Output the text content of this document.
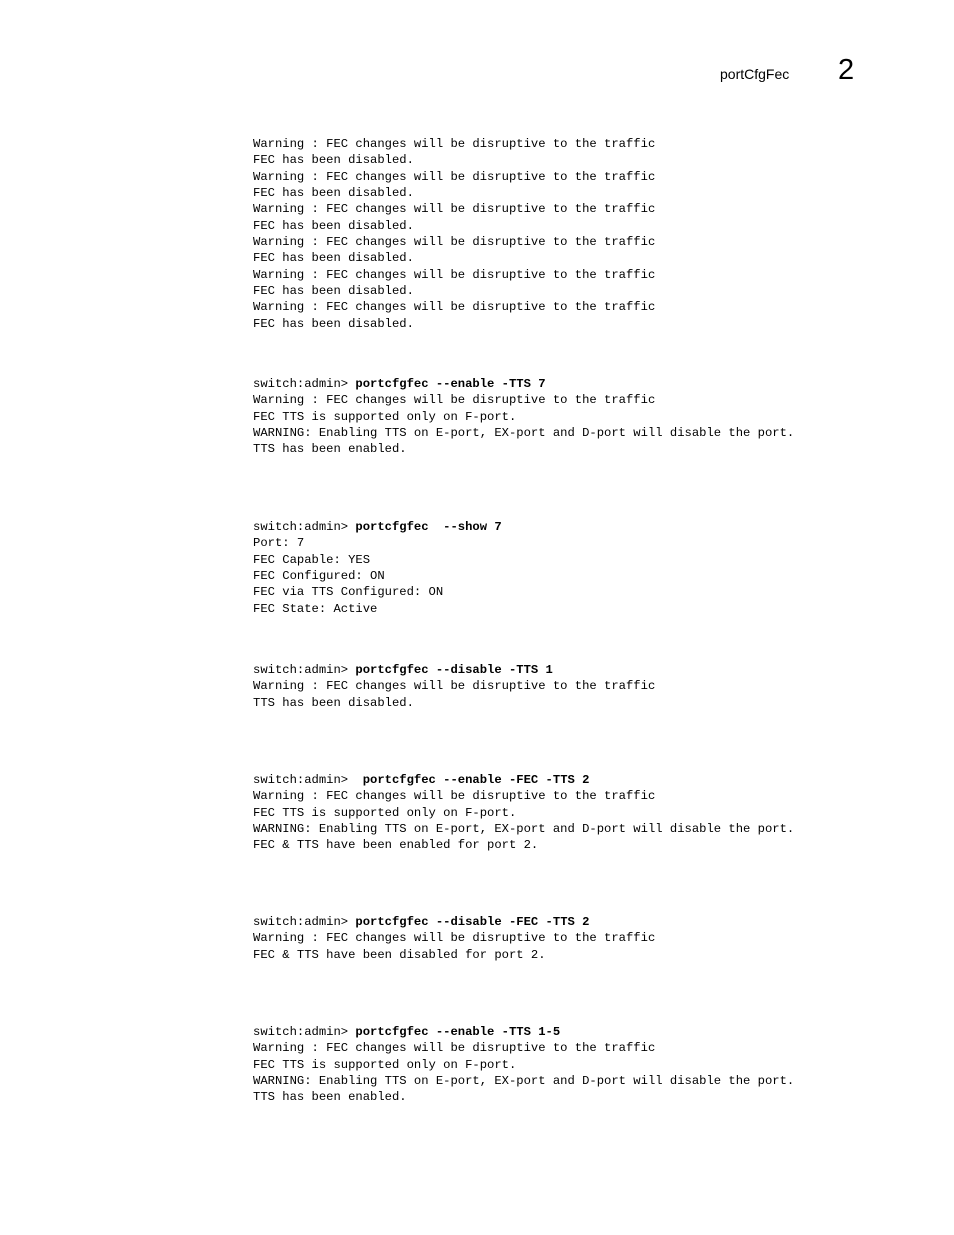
portCfgFec 2
Warning : FEC changes will be disruptive to the traffic
FEC has been disabled.
Warning : FEC changes will be disruptive to the traffic
FEC has been disabled.
Warning : FEC changes will be disruptive to the traffic
FEC has been disabled.
Warning : FEC changes will be disruptive to the traffic
FEC has been disabled.
Warning : FEC changes will be disruptive to the traffic
FEC has been disabled.
Warning : FEC changes will be disruptive to the traffic
FEC has been disabled.
switch:admin> portcfgfec --enable -TTS 7
Warning : FEC changes will be disruptive to the traffic
FEC TTS is supported only on F-port.
WARNING: Enabling TTS on E-port, EX-port and D-port will disable the port.
TTS has been enabled.
switch:admin> portcfgfec  --show 7
Port: 7
FEC Capable: YES
FEC Configured: ON
FEC via TTS Configured: ON
FEC State: Active
switch:admin> portcfgfec --disable -TTS 1
Warning : FEC changes will be disruptive to the traffic
TTS has been disabled.
switch:admin>  portcfgfec --enable -FEC -TTS 2
Warning : FEC changes will be disruptive to the traffic
FEC TTS is supported only on F-port.
WARNING: Enabling TTS on E-port, EX-port and D-port will disable the port.
FEC & TTS have been enabled for port 2.
switch:admin> portcfgfec --disable -FEC -TTS 2
Warning : FEC changes will be disruptive to the traffic
FEC & TTS have been disabled for port 2.
switch:admin> portcfgfec --enable -TTS 1-5
Warning : FEC changes will be disruptive to the traffic
FEC TTS is supported only on F-port.
WARNING: Enabling TTS on E-port, EX-port and D-port will disable the port.
TTS has been enabled.
